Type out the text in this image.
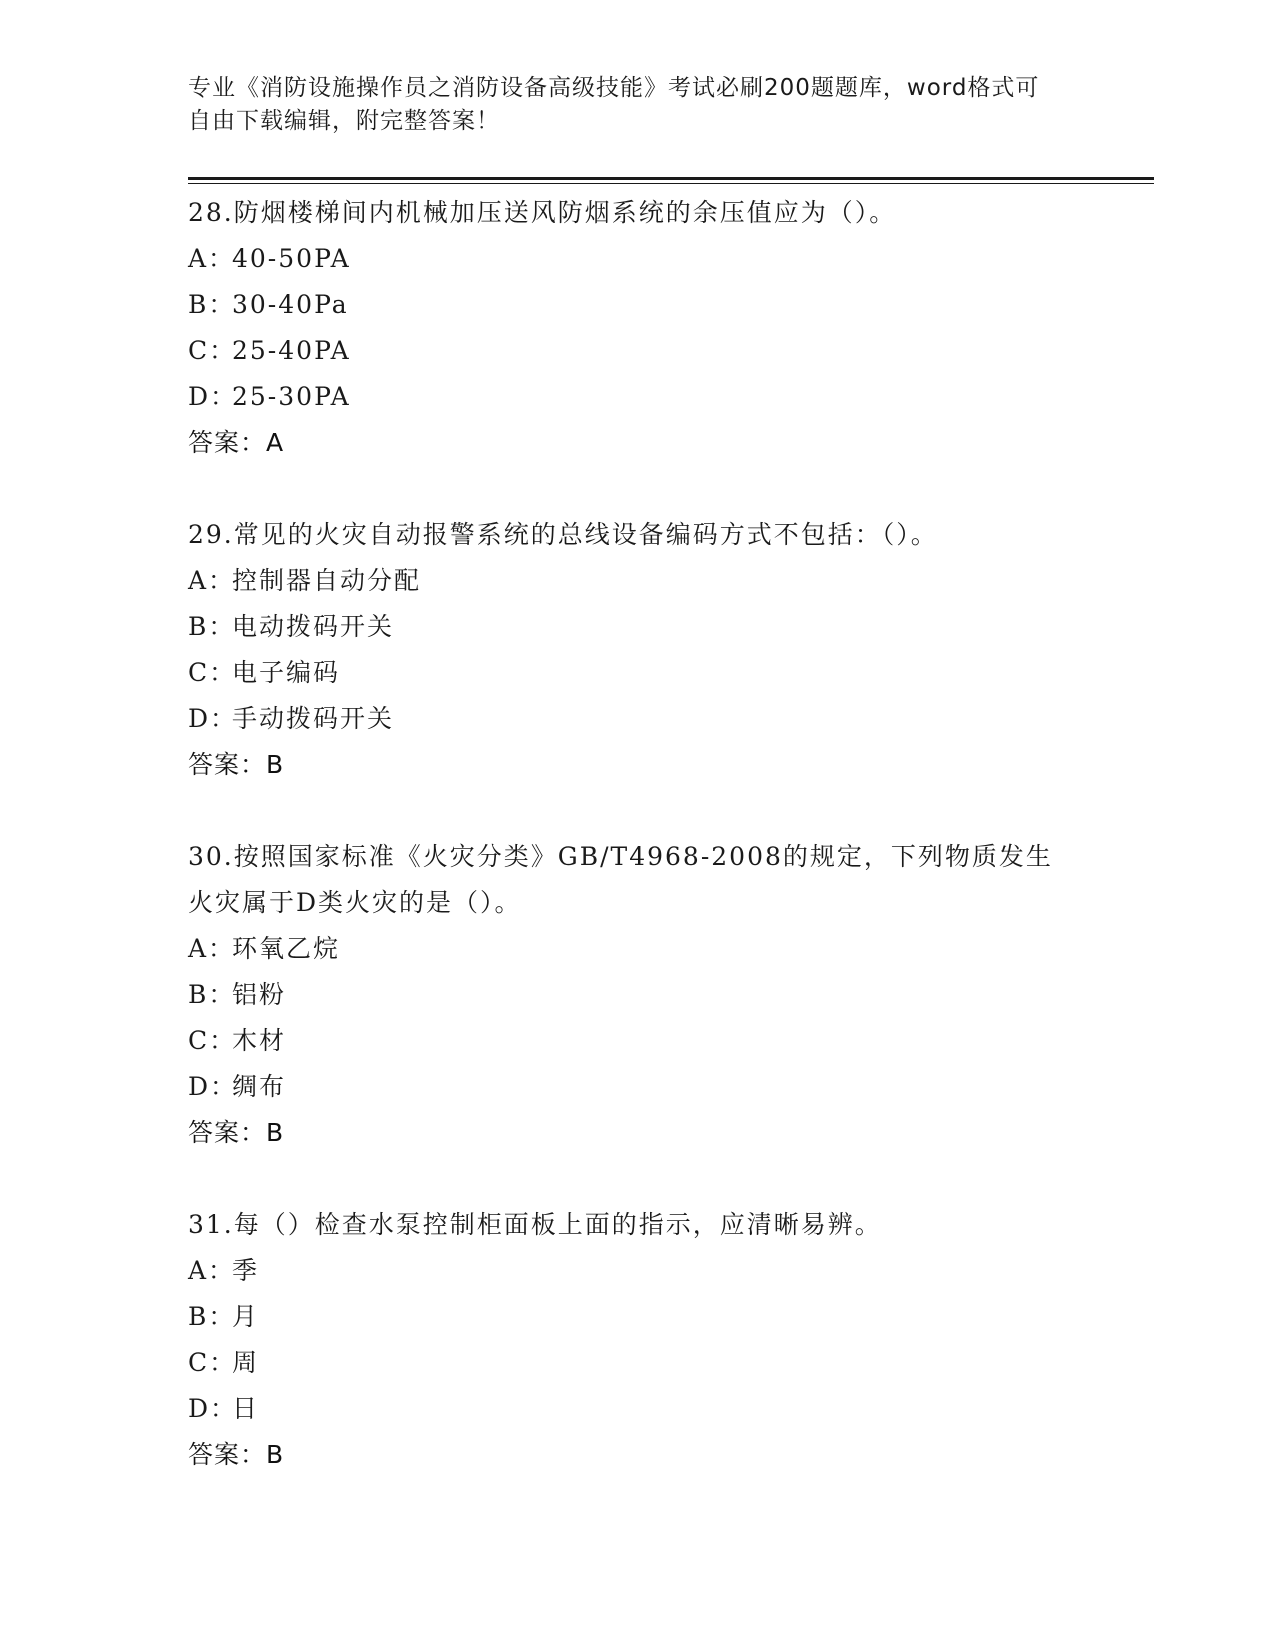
专业《消防设施操作员之消防设备高级技能》考试必刷200题题库，word格式可
自由下载编辑，附完整答案！
28.防烟楼梯间内机械加压送风防烟系统的余压值应为（）。
A：40-50PA
B：30-40Pa
C：25-40PA
D：25-30PA
答案：A
29.常见的火灾自动报警系统的总线设备编码方式不包括：（）。
A：控制器自动分配
B：电动拨码开关
C：电子编码
D：手动拨码开关
答案：B
30.按照国家标准《火灾分类》GB/T4968-2008的规定，下列物质发生
火灾属于D类火灾的是（）。
A：环氧乙烷
B：铝粉
C：木材
D：绸布
答案：B
31.每（）检查水泵控制柜面板上面的指示，应清晰易辨。
A：季
B：月
C：周
D：日
答案：B
